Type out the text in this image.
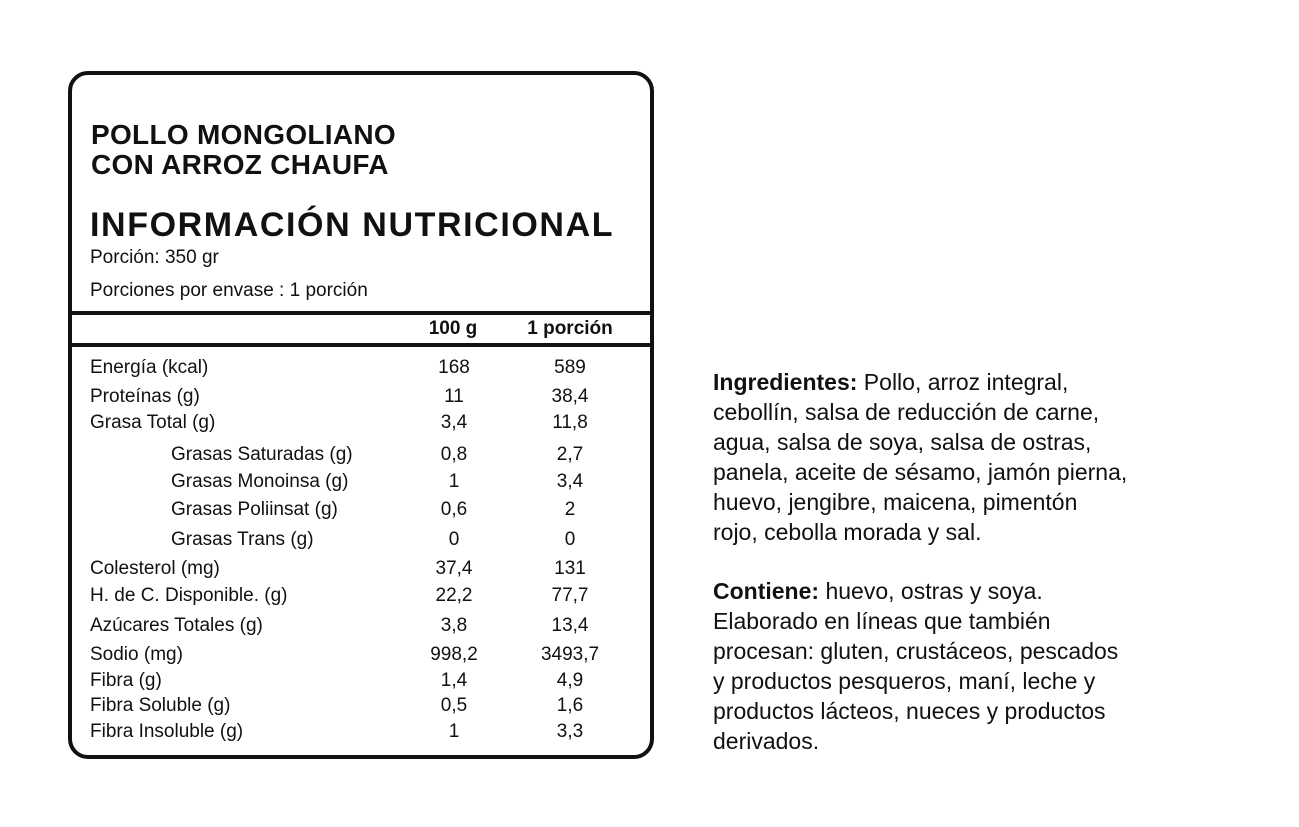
POLLO MONGOLIANO
CON ARROZ CHAUFA
INFORMACIÓN NUTRICIONAL
Porción: 350 gr
Porciones por envase : 1 porción
100 g	1 porción
Energía (kcal)	168	589
Proteínas (g)	11	38,4
Grasa Total (g)	3,4	11,8
Grasas Saturadas (g)	0,8	2,7
Grasas Monoinsa (g)	1	3,4
Grasas Poliinsat (g)	0,6	2
Grasas Trans (g)	0	0
Colesterol (mg)	37,4	131
H. de C. Disponible. (g)	22,2	77,7
Azúcares Totales (g)	3,8	13,4
Sodio (mg)	998,2	3493,7
Fibra (g)	1,4	4,9
Fibra Soluble (g)	0,5	1,6
Fibra Insoluble (g)	1	3,3
Ingredientes: Pollo, arroz integral,
cebollín, salsa de reducción de carne,
agua, salsa de soya, salsa de ostras,
panela, aceite de sésamo, jamón pierna,
huevo, jengibre, maicena, pimentón
rojo, cebolla morada y sal.
Contiene: huevo, ostras y soya.
Elaborado en líneas que también
procesan: gluten, crustáceos, pescados
y productos pesqueros, maní, leche y
productos lácteos, nueces y productos
derivados.
